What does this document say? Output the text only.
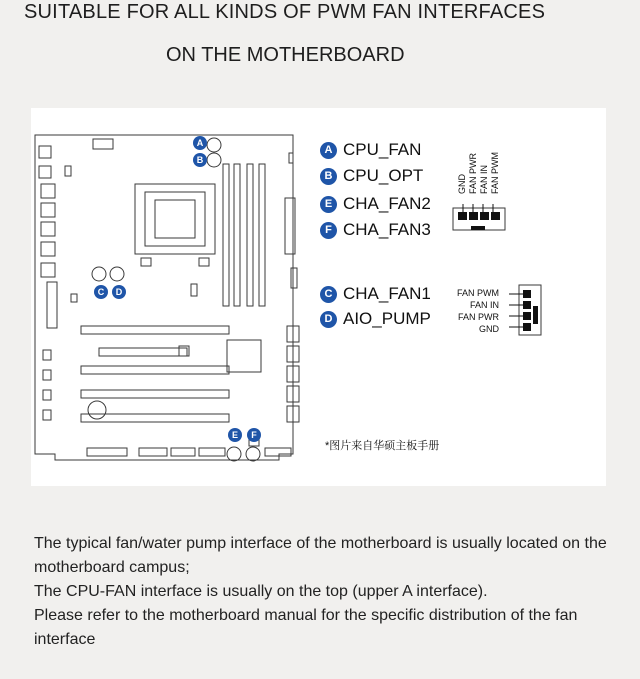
SUITABLE FOR ALL KINDS OF PWM FAN INTERFACES
ON THE MOTHERBOARD
A
B
C	D
E	F
A CPU_FAN
B CPU_OPT
E CHA_FAN2
F CHA_FAN3
GND FAN PWR FAN IN FAN PWM
C CHA_FAN1
D AIO_PUMP
FAN PWM
FAN IN
FAN PWR
GND
*图片来自华硕主板手册

The typical fan/water pump interface of the motherboard is usually located on the motherboard campus;

The CPU-FAN interface is usually on the top (upper A interface).

Please refer to the motherboard manual for the specific distribution of the fan interface
